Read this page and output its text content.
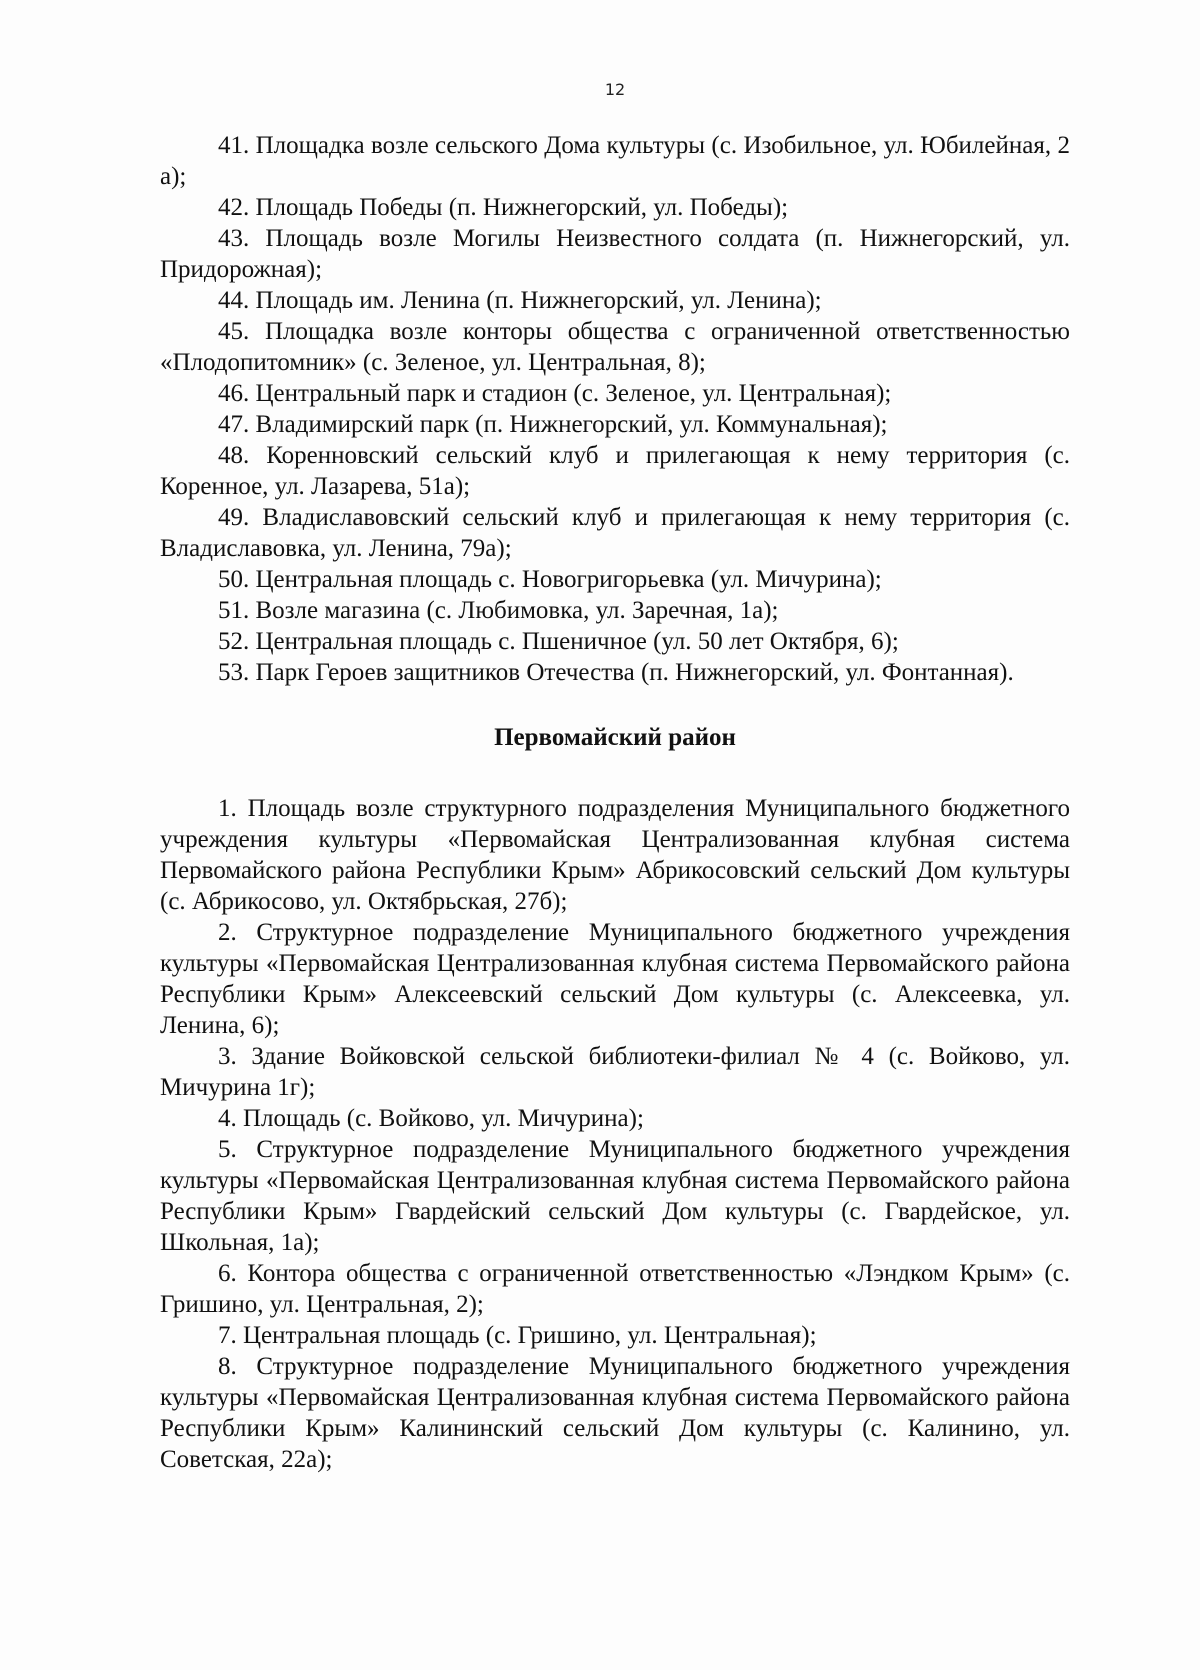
12

41. Площадка возле сельского Дома культуры (с. Изобильное, ул. Юбилейная, 2 а);

42. Площадь Победы (п. Нижнегорский, ул. Победы);

43. Площадь возле Могилы Неизвестного солдата (п. Нижнегорский, ул. Придорожная);

44. Площадь им. Ленина (п. Нижнегорский, ул. Ленина);

45. Площадка возле конторы общества с ограниченной ответственностью «Плодопитомник» (с. Зеленое, ул. Центральная, 8);

46. Центральный парк и стадион (с. Зеленое, ул. Центральная);

47. Владимирский парк (п. Нижнегорский, ул. Коммунальная);

48. Коренновский сельский клуб и прилегающая к нему территория (с. Коренное, ул. Лазарева, 51а);

49. Владиславовский сельский клуб и прилегающая к нему территория (с. Владиславовка, ул. Ленина, 79а);

50. Центральная площадь с. Новогригорьевка (ул. Мичурина);

51. Возле магазина (с. Любимовка, ул. Заречная, 1а);

52. Центральная площадь с. Пшеничное (ул. 50 лет Октября, 6);

53. Парк Героев защитников Отечества (п. Нижнегорский, ул. Фонтанная).

Первомайский район

1. Площадь возле структурного подразделения Муниципального бюджетного учреждения культуры «Первомайская Централизованная клубная система Первомайского района Республики Крым» Абрикосовский сельский Дом культуры (с. Абрикосово, ул. Октябрьская, 27б);

2. Структурное подразделение Муниципального бюджетного учреждения культуры «Первомайская Централизованная клубная система Первомайского района Республики Крым» Алексеевский сельский Дом культуры (с. Алексеевка, ул. Ленина, 6);

3. Здание Войковской сельской библиотеки-филиал № 4 (с. Войково, ул. Мичурина 1г);

4. Площадь (с. Войково, ул. Мичурина);

5. Структурное подразделение Муниципального бюджетного учреждения культуры «Первомайская Централизованная клубная система Первомайского района Республики Крым» Гвардейский сельский Дом культуры (с. Гвардейское, ул. Школьная, 1а);

6. Контора общества с ограниченной ответственностью «Лэндком Крым» (с. Гришино, ул. Центральная, 2);

7. Центральная площадь (с. Гришино, ул. Центральная);

8. Структурное подразделение Муниципального бюджетного учреждения культуры «Первомайская Централизованная клубная система Первомайского района Республики Крым» Калининский сельский Дом культуры (с. Калинино, ул. Советская, 22а);
